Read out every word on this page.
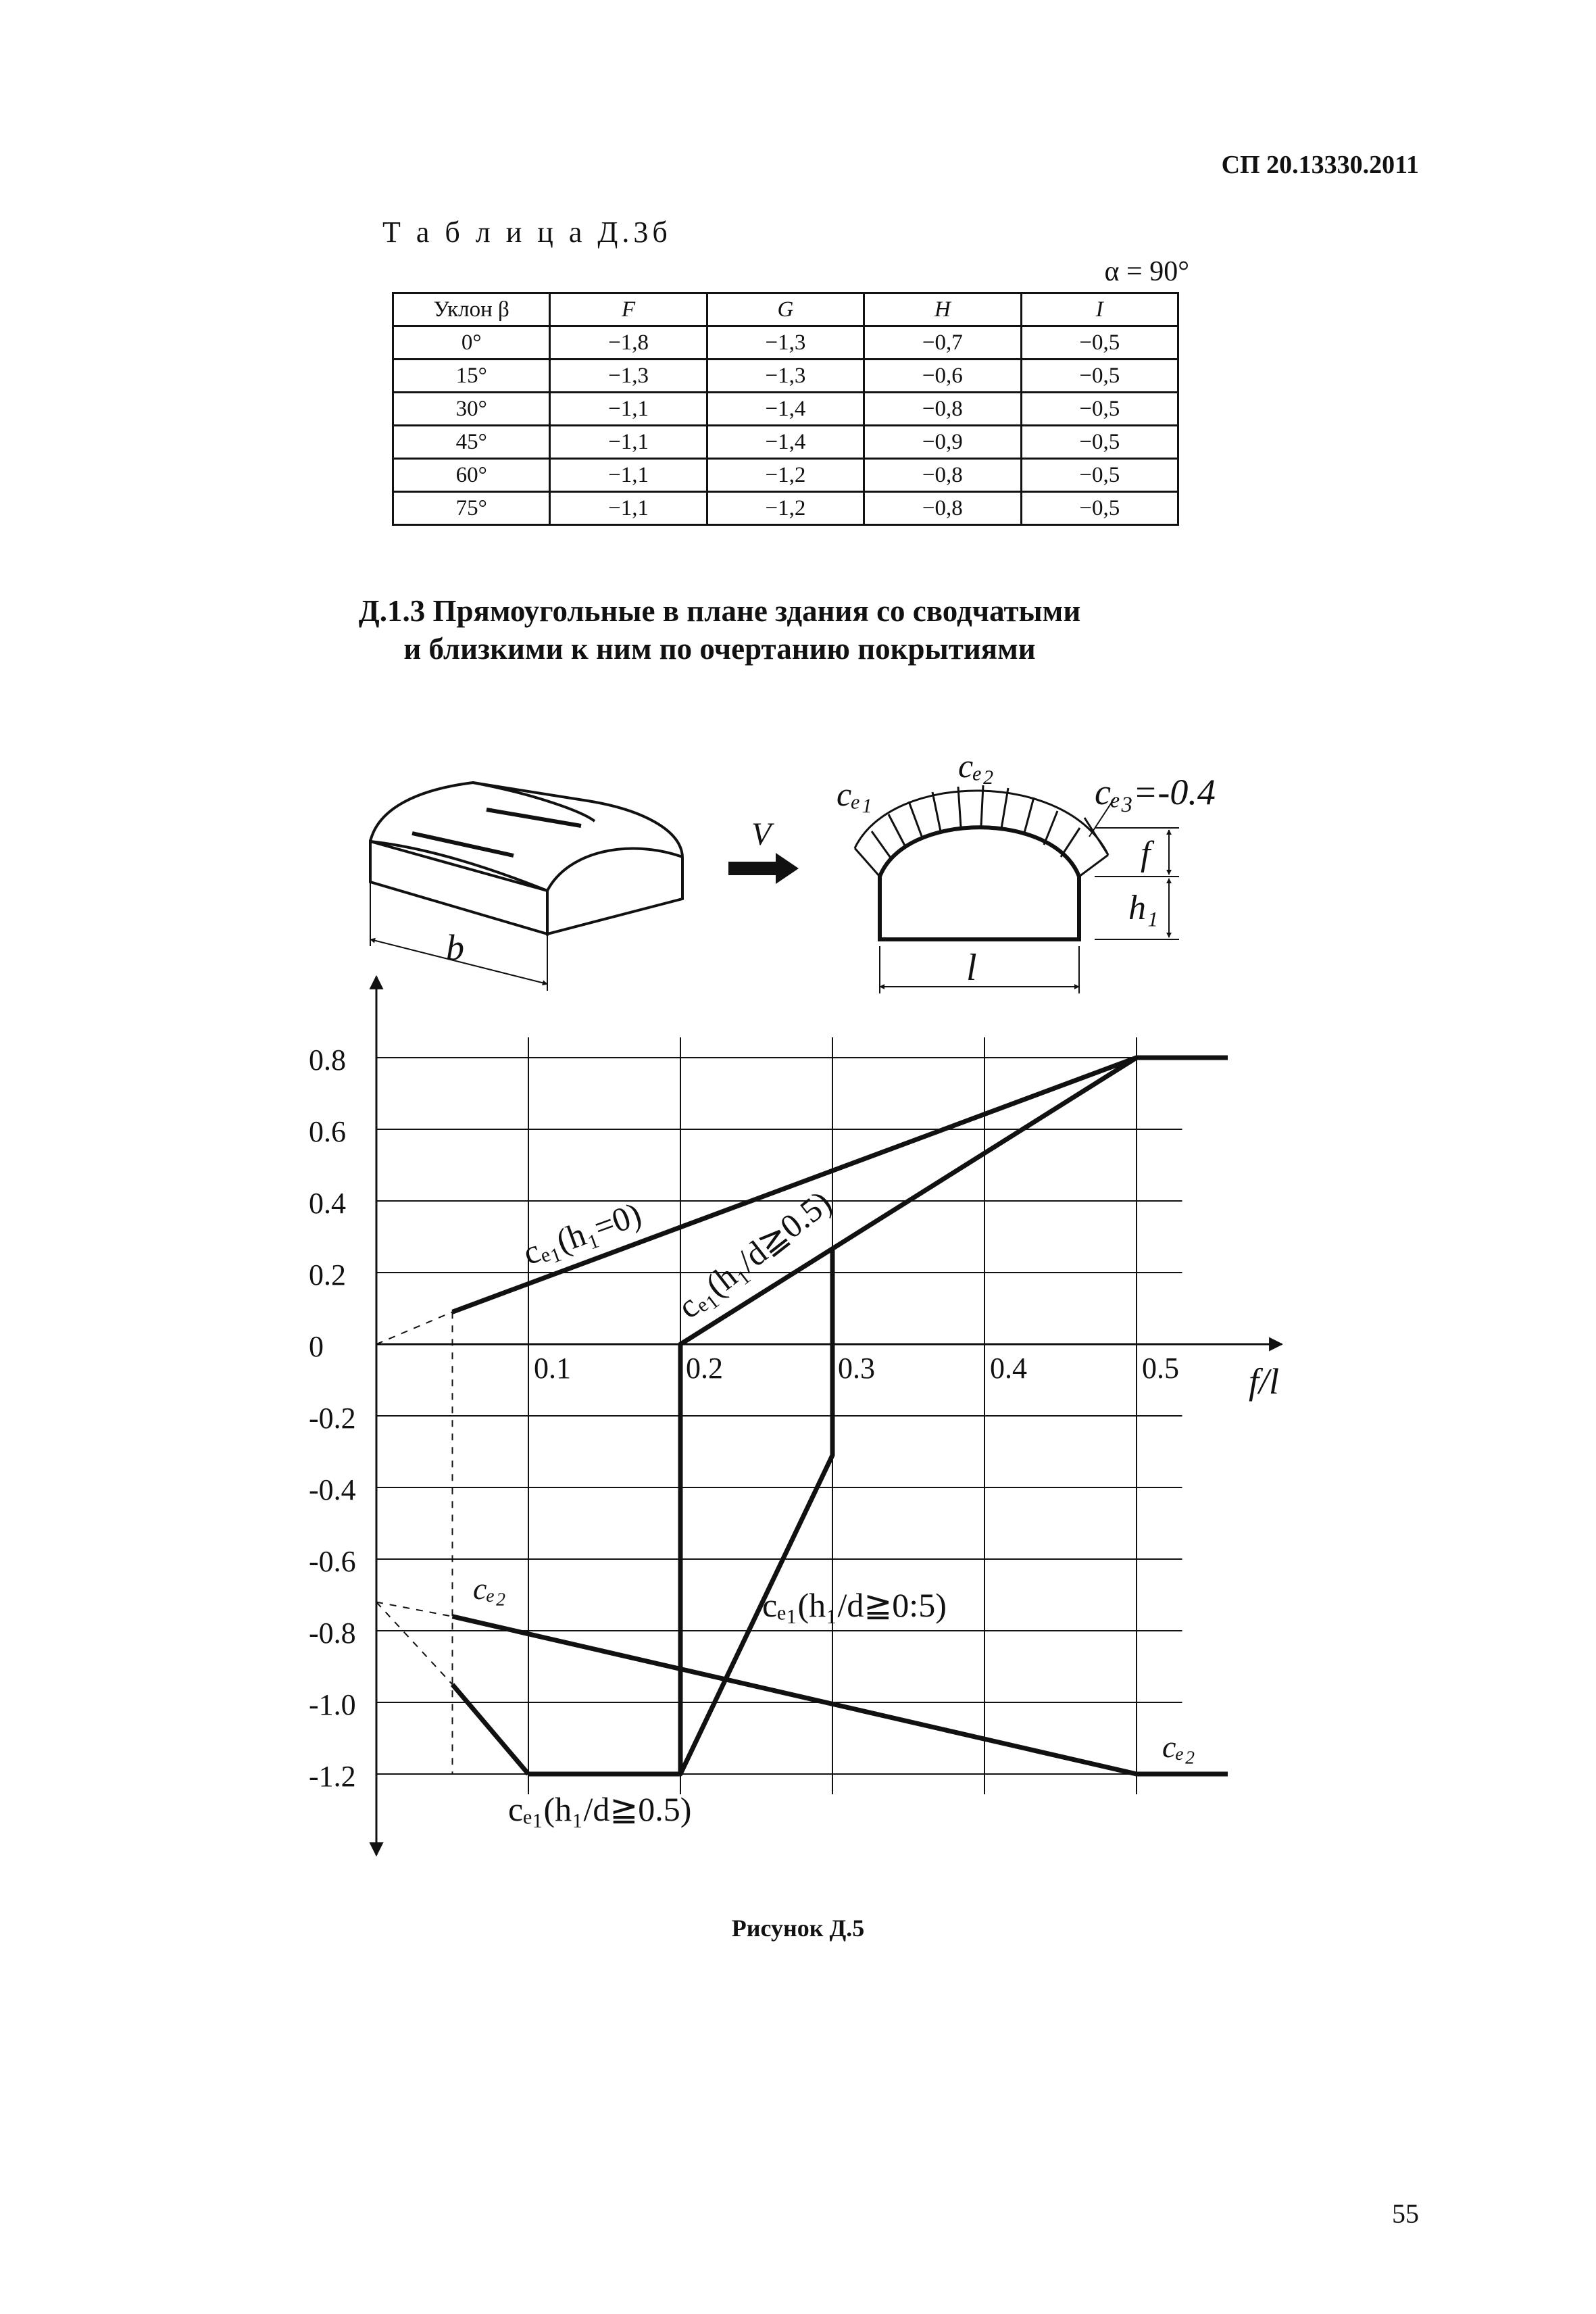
СП 20.13330.2011
Т а б л и ц а Д.3б
α = 90°
Уклон β	F	G	H	I
0°	−1,8	−1,3	−0,7	−0,5
15°	−1,3	−1,3	−0,6	−0,5
30°	−1,1	−1,4	−0,8	−0,5
45°	−1,1	−1,4	−0,9	−0,5
60°	−1,1	−1,2	−0,8	−0,5
75°	−1,1	−1,2	−0,8	−0,5
Д.1.3 Прямоугольные в плане здания со сводчатыми
и близкими к ним по очертанию покрытиями
b
V
cₑ₁
cₑ₂
cₑ₃=-0.4
f
h₁
l
0.8
0.6
0.4
0.2
0
-0.2
-0.4
-0.6
-0.8
-1.0
-1.2
0.1	0.2	0.3	0.4	0.5 f/l
cₑ₁(h₁=0) cₑ₁(h₁/d≧0.5)
cₑ₁(h₁/d≧0:5)
cₑ₁(h₁/d≧0.5)
cₑ₂
cₑ₂
Рисунок Д.5
55
